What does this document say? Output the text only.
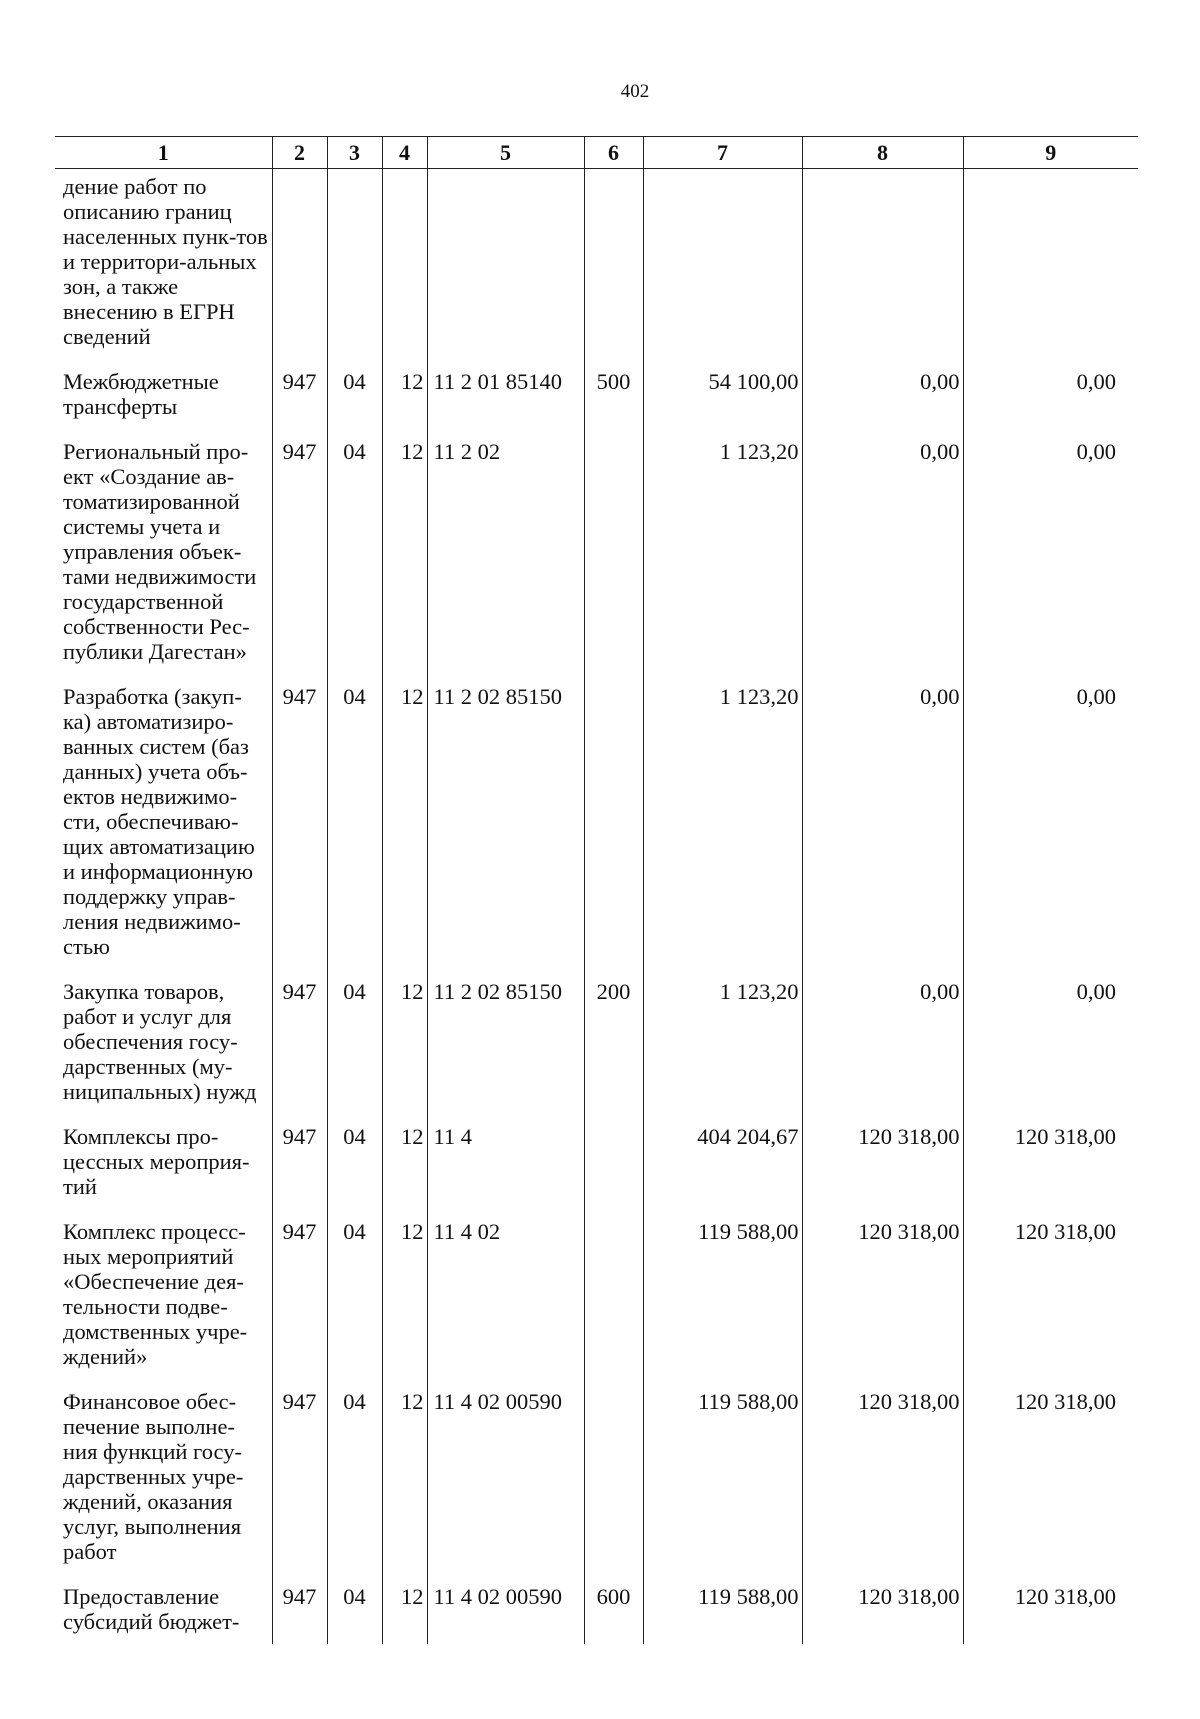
402
1	2	3	4	5	6	7	8	9
дение работ по описанию границ населенных пунк-тов и территори-альных зон, а также внесению в ЕГРН сведений								
Межбюджетные трансферты	947	04	12	11 2 01 85140	500	54 100,00	0,00	0,00
Региональный про-ект «Создание ав-томатизированной системы учета и управления объек-тами недвижимости государственной собственности Рес-публики Дагестан»	947	04	12	11 2 02		1 123,20	0,00	0,00
Разработка (закуп-ка) автоматизиро-ванных систем (баз данных) учета объ-ектов недвижимо-сти, обеспечиваю-щих автоматизацию и информационную поддержку управ-ления недвижимо-стью	947	04	12	11 2 02 85150		1 123,20	0,00	0,00
Закупка товаров, работ и услуг для обеспечения госу-дарственных (му-ниципальных) нужд	947	04	12	11 2 02 85150	200	1 123,20	0,00	0,00
Комплексы про-цессных мероприя-тий	947	04	12	11 4		404 204,67	120 318,00	120 318,00
Комплекс процесс-ных мероприятий «Обеспечение дея-тельности подве-домственных учре-ждений»	947	04	12	11 4 02		119 588,00	120 318,00	120 318,00
Финансовое обес-печение выполне-ния функций госу-дарственных учре-ждений, оказания услуг, выполнения работ	947	04	12	11 4 02 00590		119 588,00	120 318,00	120 318,00
Предоставление субсидий бюджет-	947	04	12	11 4 02 00590	600	119 588,00	120 318,00	120 318,00
